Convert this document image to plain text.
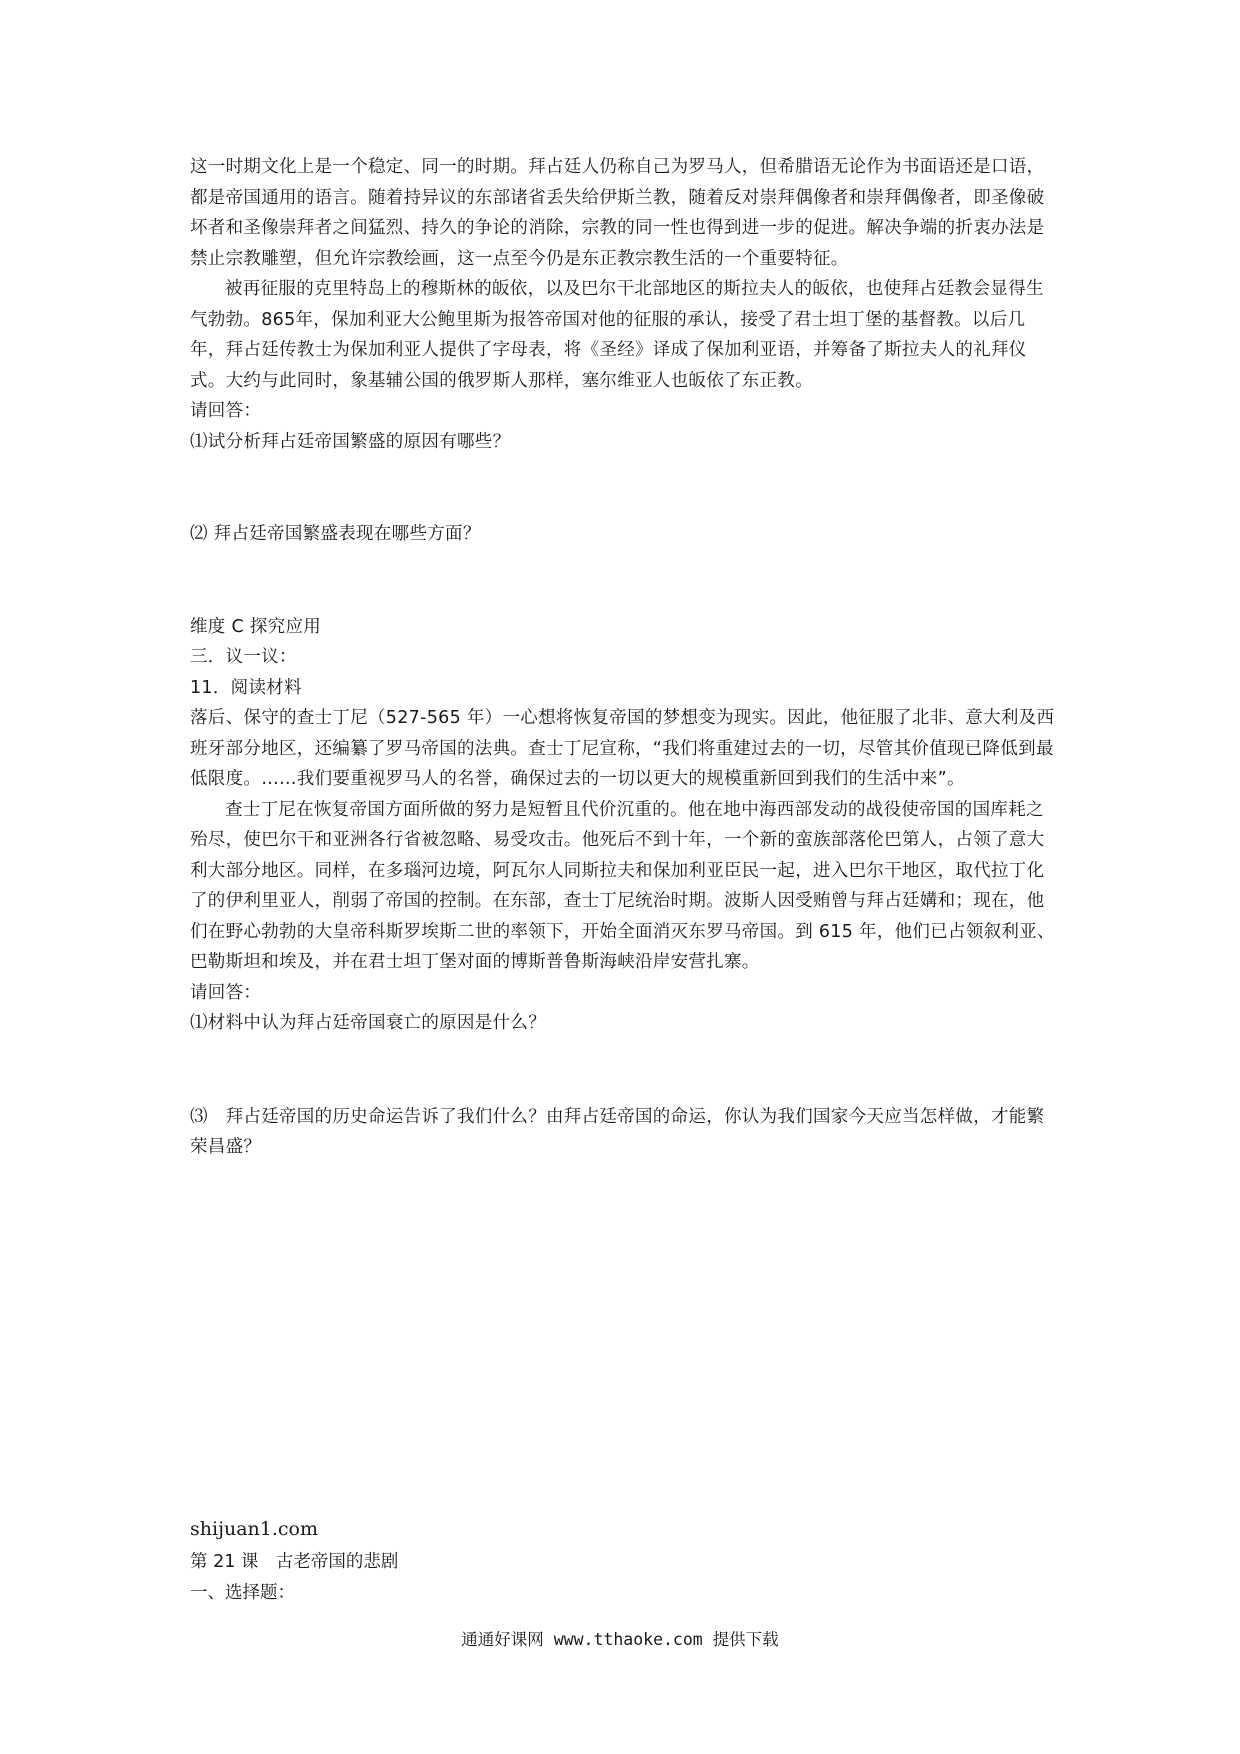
这一时期文化上是一个稳定、同一的时期。拜占廷人仍称自己为罗马人，但希腊语无论作为书面语还是口语，都是帝国通用的语言。随着持异议的东部诸省丢失给伊斯兰教，随着反对崇拜偶像者和崇拜偶像者，即圣像破坏者和圣像崇拜者之间猛烈、持久的争论的消除，宗教的同一性也得到进一步的促进。解决争端的折衷办法是禁止宗教雕塑，但允许宗教绘画，这一点至今仍是东正教宗教生活的一个重要特征。

被再征服的克里特岛上的穆斯林的皈依，以及巴尔干北部地区的斯拉夫人的皈依，也使拜占廷教会显得生气勃勃。865年，保加利亚大公鲍里斯为报答帝国对他的征服的承认，接受了君士坦丁堡的基督教。以后几年，拜占廷传教士为保加利亚人提供了字母表，将《圣经》译成了保加利亚语，并筹备了斯拉夫人的礼拜仪式。大约与此同时，象基辅公国的俄罗斯人那样，塞尔维亚人也皈依了东正教。

请回答：

⑴试分析拜占廷帝国繁盛的原因有哪些？

⑵ 拜占廷帝国繁盛表现在哪些方面？

维度 C 探究应用

三．议一议：

11．阅读材料

落后、保守的查士丁尼（527-565 年）一心想将恢复帝国的梦想变为现实。因此，他征服了北非、意大利及西班牙部分地区，还编纂了罗马帝国的法典。查士丁尼宣称，“我们将重建过去的一切，尽管其价值现已降低到最低限度。……我们要重视罗马人的名誉，确保过去的一切以更大的规模重新回到我们的生活中来”。

查士丁尼在恢复帝国方面所做的努力是短暂且代价沉重的。他在地中海西部发动的战役使帝国的国库耗之殆尽，使巴尔干和亚洲各行省被忽略、易受攻击。他死后不到十年，一个新的蛮族部落伦巴第人，占领了意大利大部分地区。同样，在多瑙河边境，阿瓦尔人同斯拉夫和保加利亚臣民一起，进入巴尔干地区，取代拉丁化了的伊利里亚人，削弱了帝国的控制。在东部，查士丁尼统治时期。波斯人因受贿曾与拜占廷媾和；现在，他们在野心勃勃的大皇帝科斯罗埃斯二世的率领下，开始全面消灭东罗马帝国。到 615 年，他们已占领叙利亚、巴勒斯坦和埃及，并在君士坦丁堡对面的博斯普鲁斯海峡沿岸安营扎寨。

请回答：

⑴材料中认为拜占廷帝国衰亡的原因是什么？

⑶　拜占廷帝国的历史命运告诉了我们什么？由拜占廷帝国的命运，你认为我们国家今天应当怎样做，才能繁荣昌盛？

shijuan1.com
第 21 课　古老帝国的悲剧
一、选择题：
通通好课网 www.tthaoke.com 提供下载
